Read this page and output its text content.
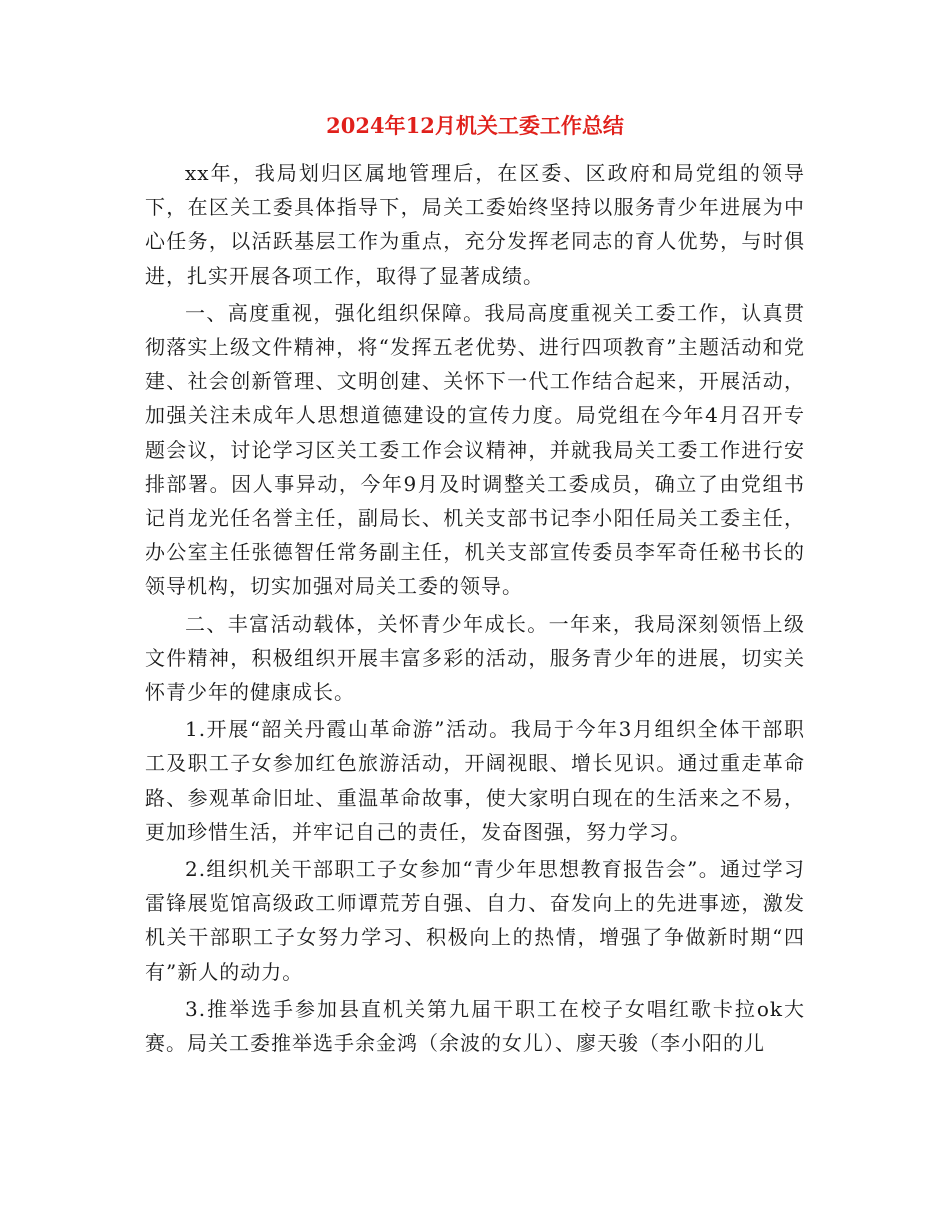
2024年12月机关工委工作总结

xx年，我局划归区属地管理后，在区委、区政府和局党组的领导下，在区关工委具体指导下，局关工委始终坚持以服务青少年进展为中心任务，以活跃基层工作为重点，充分发挥老同志的育人优势，与时俱进，扎实开展各项工作，取得了显著成绩。

一、高度重视，强化组织保障。我局高度重视关工委工作，认真贯彻落实上级文件精神，将“发挥五老优势、进行四项教育”主题活动和党建、社会创新管理、文明创建、关怀下一代工作结合起来，开展活动，加强关注未成年人思想道德建设的宣传力度。局党组在今年4月召开专题会议，讨论学习区关工委工作会议精神，并就我局关工委工作进行安排部署。因人事异动，今年9月及时调整关工委成员，确立了由党组书记肖龙光任名誉主任，副局长、机关支部书记李小阳任局关工委主任，办公室主任张德智任常务副主任，机关支部宣传委员李军奇任秘书长的领导机构，切实加强对局关工委的领导。

二、丰富活动载体，关怀青少年成长。一年来，我局深刻领悟上级文件精神，积极组织开展丰富多彩的活动，服务青少年的进展，切实关怀青少年的健康成长。

1.开展“韶关丹霞山革命游”活动。我局于今年3月组织全体干部职工及职工子女参加红色旅游活动，开阔视眼、增长见识。通过重走革命路、参观革命旧址、重温革命故事，使大家明白现在的生活来之不易，更加珍惜生活，并牢记自己的责任，发奋图强，努力学习。

2.组织机关干部职工子女参加“青少年思想教育报告会”。通过学习雷锋展览馆高级政工师谭荒芳自强、自力、奋发向上的先进事迹，激发机关干部职工子女努力学习、积极向上的热情，增强了争做新时期“四有”新人的动力。

3.推举选手参加县直机关第九届干职工在校子女唱红歌卡拉ok大赛。局关工委推举选手余金鸿（余波的女儿）、廖天骏（李小阳的儿
